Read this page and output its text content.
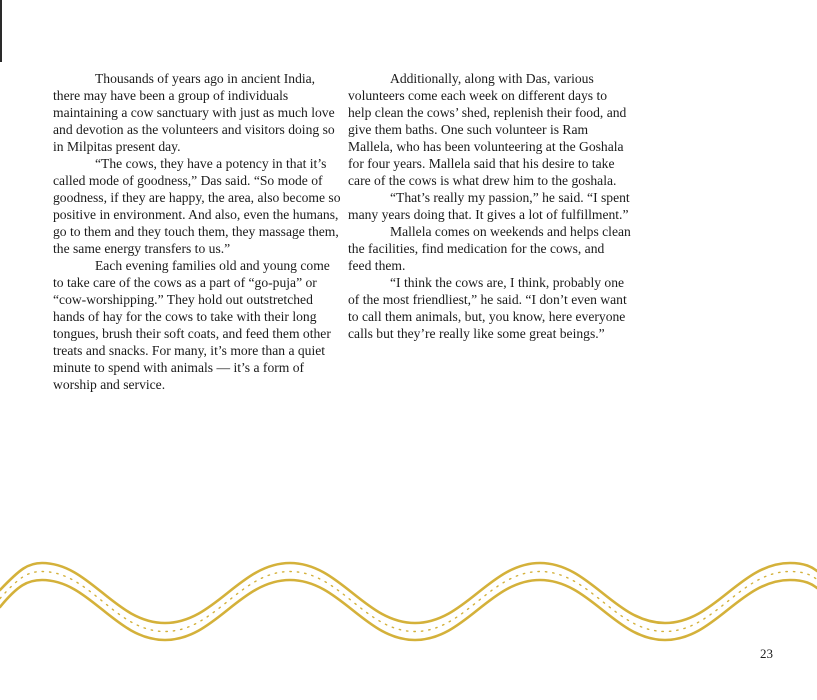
Thousands of years ago in ancient India, there may have been a group of individuals maintaining a cow sanctuary with just as much love and devotion as the volunteers and visitors doing so in Milpitas present day.

“The cows, they have a potency in that it’s called mode of goodness,” Das said. “So mode of goodness, if they are happy, the area, also become so positive in environment. And also, even the humans, go to them and they touch them, they massage them, the same energy transfers to us.”

Each evening families old and young come to take care of the cows as a part of “go-puja” or “cow-worshipping.” They hold out outstretched hands of hay for the cows to take with their long tongues, brush their soft coats, and feed them other treats and snacks. For many, it’s more than a quiet minute to spend with animals — it’s a form of worship and service.

Additionally, along with Das, various volunteers come each week on different days to help clean the cows’ shed, replenish their food, and give them baths. One such volunteer is Ram Mallela, who has been volunteering at the Goshala for four years. Mallela said that his desire to take care of the cows is what drew him to the goshala.

“That’s really my passion,” he said. “I spent many years doing that. It gives a lot of fulfillment.”

Mallela comes on weekends and helps clean the facilities, find medication for the cows, and feed them.

“I think the cows are, I think, probably one of the most friendliest,” he said. “I don’t even want to call them animals, but, you know, here everyone calls but they’re really like some great beings.”

23
